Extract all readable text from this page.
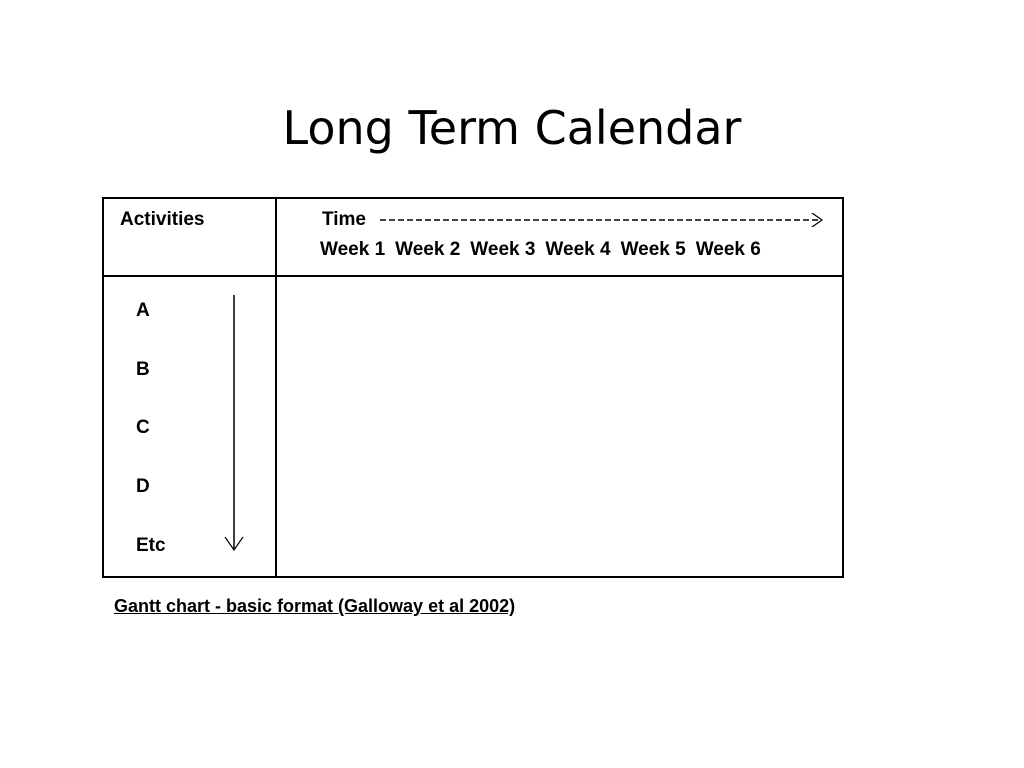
Long Term Calendar
Activities	Time
Week 1 Week 2 Week 3 Week 4 Week 5 Week 6
A
B
C
D
Etc
Gantt chart - basic format (Galloway et al 2002)
